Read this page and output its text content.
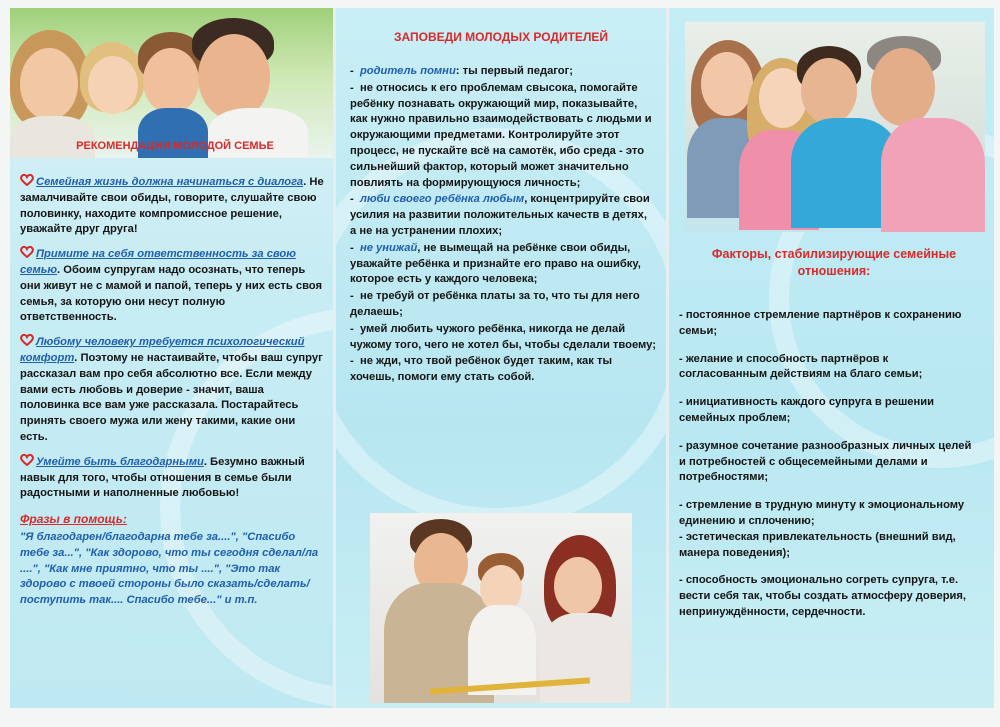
РЕКОМЕНДАЦИИ МОЛОДОЙ СЕМЬЕ

Семейная жизнь должна начинаться с диалога. Не замалчивайте свои обиды, говорите, слушайте свою половинку, находите компромиссное решение, уважайте друг друга!

Примите на себя ответственность за свою семью. Обоим супругам надо осознать, что теперь они живут не с мамой и папой, теперь у них есть своя семья, за которую они несут полную ответственность.

Любому человеку требуется психологический комфорт. Поэтому не настаивайте, чтобы ваш супруг рассказал вам про себя абсолютно все. Если между вами есть любовь и доверие - значит, ваша половинка все вам уже рассказала. Постарайтесь принять своего мужа или жену такими, какие они есть.

Умейте быть благодарными. Безумно важный навык для того, чтобы отношения в семье были радостными и наполненные любовью!

Фразы в помощь:

"Я благодарен/благодарна тебе за....", "Спасибо тебе за...", "Как здорово, что ты сегодня сделал/ла ....", "Как мне приятно, что ты ....", "Это так здорово с твоей стороны было сказать/сделать/поступить так.... Спасибо тебе..." и т.п.

ЗАПОВЕДИ МОЛОДЫХ РОДИТЕЛЕЙ

-  родитель помни: ты первый педагог;

-  не относись к его проблемам свысока, помогайте ребёнку познавать окружающий мир, показывайте, как нужно правильно взаимодействовать с людьми и окружающими предметами. Контролируйте этот процесс, не пускайте всё на самотёк, ибо среда - это сильнейший фактор, который может значительно повлиять на формирующуюся личность;

-  люби своего ребёнка любым, концентрируйте свои усилия на развитии положительных качеств в детях, а не на устранении плохих;

-  не унижай, не вымещай на ребёнке свои обиды, уважайте ребёнка и признайте его право на ошибку, которое есть у каждого человека;

-  не требуй от ребёнка платы за то, что ты для него делаешь;

-  умей любить чужого ребёнка, никогда не делай чужому того, чего не хотел бы, чтобы сделали твоему;

-  не жди, что твой ребёнок будет таким, как ты хочешь, помоги ему стать собой.

Факторы, стабилизирующие семейные отношения:

- постоянное стремление партнёров к сохранению семьи;

- желание и способность партнёров к согласованным действиям на благо семьи;

- инициативность каждого супруга в решении семейных проблем;

- разумное сочетание разнообразных личных целей и потребностей с общесемейными делами и потребностями;

- стремление в трудную минуту к эмоциональному единению и сплочению;

- эстетическая привлекательность (внешний вид, манера поведения);

- способность эмоционально согреть супруга, т.е. вести себя так, чтобы создать атмосферу доверия, непринуждённости, сердечности.
